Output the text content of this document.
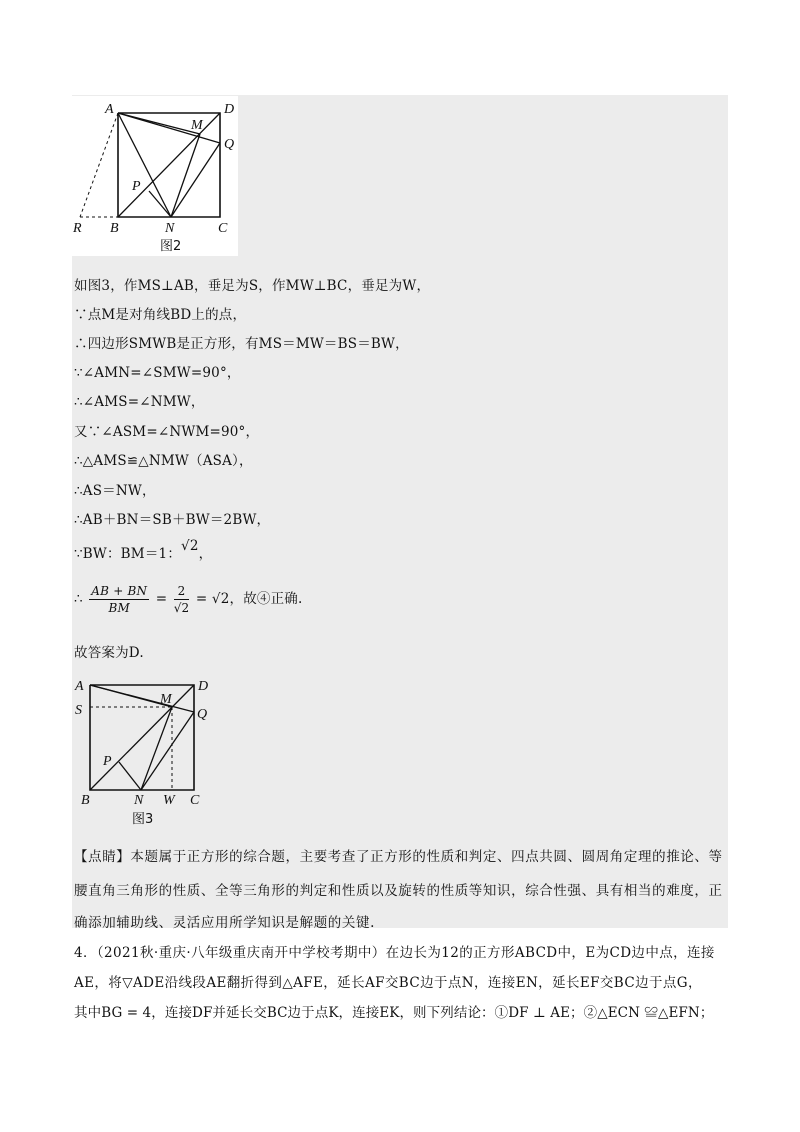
A	D
M
Q
P
R B	N	C
图2
如图3，作MS⊥AB，垂足为S，作MW⊥BC，垂足为W，
∵点M是对角线BD上的点，
∴四边形SMWB是正方形，有MS＝MW＝BS＝BW，
∵∠AMN=∠SMW=90°，
∴∠AMS=∠NMW，
又∵∠ASM=∠NWM=90°，
∴△AMS≌△NMW（ASA），
∴AS＝NW，
∴AB＋BN＝SB＋BW＝2BW，
∵BW：BM＝1：√2，
∴ $\frac{AB + BN}{BM} = \frac{2}{√2} = √2$，故④正确.
故答案为D.
A	D
M
S	Q
P
B	N W C
图3
【点睛】本题属于正方形的综合题，主要考查了正方形的性质和判定、四点共圆、圆周角定理的推论、等
腰直角三角形的性质、全等三角形的判定和性质以及旋转的性质等知识，综合性强、具有相当的难度，正
确添加辅助线、灵活应用所学知识是解题的关键.
4．（2021秋·重庆·八年级重庆南开中学校考期中）在边长为12的正方形ABCD中，E为CD边中点，连接
AE，将▽ADE沿线段AE翻折得到△AFE，延长AF交BC边于点N，连接EN，延长EF交BC边于点G，
其中BG = 4，连接DF并延长交BC边于点K，连接EK，则下列结论：①DF ⊥ AE；②△ECN ≌△EFN；
